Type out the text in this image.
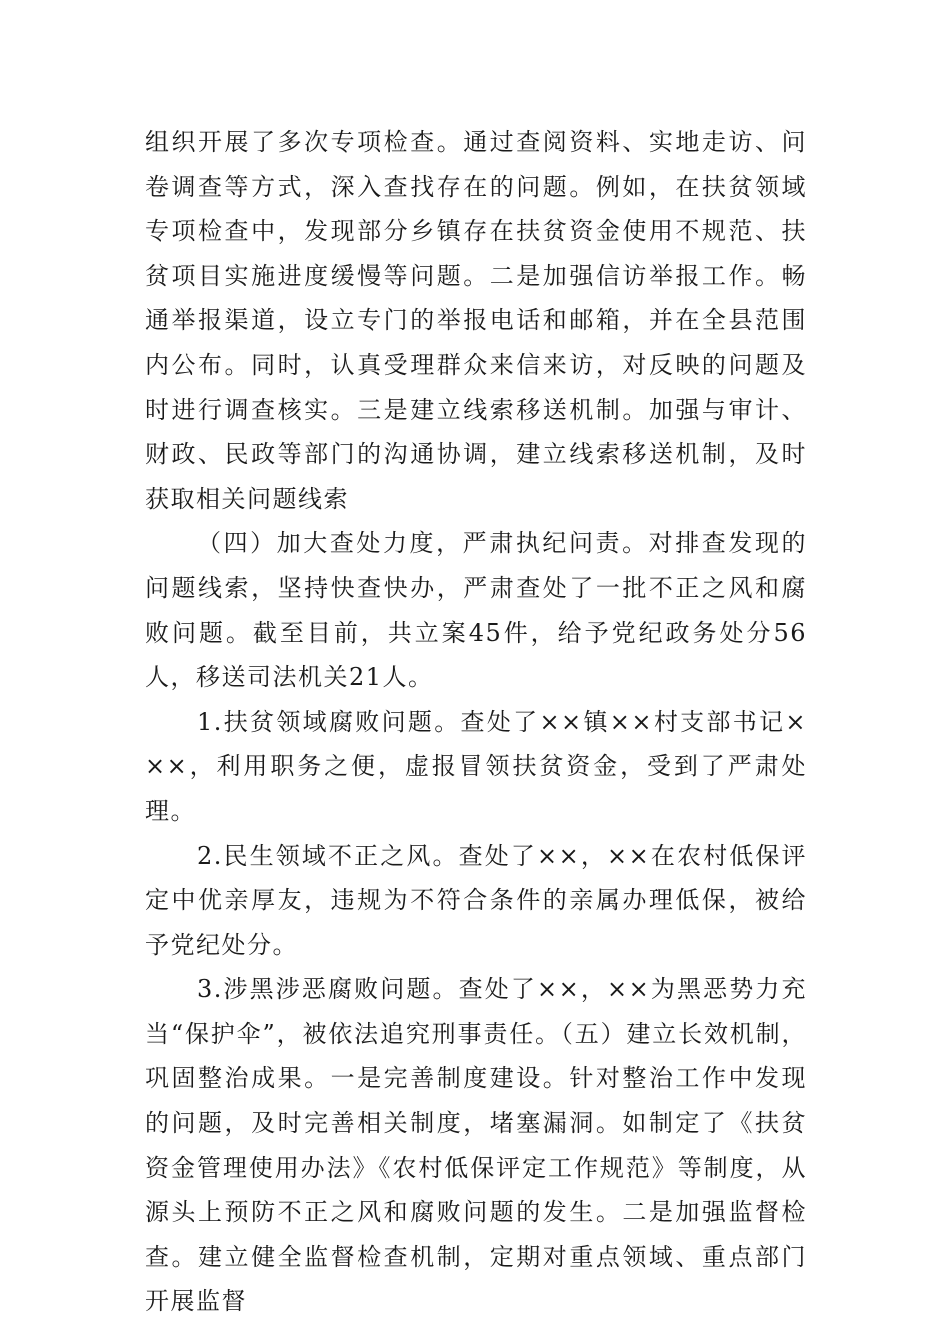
组织开展了多次专项检查。通过查阅资料、实地走访、问卷调查等方式，深入查找存在的问题。例如，在扶贫领域专项检查中，发现部分乡镇存在扶贫资金使用不规范、扶贫项目实施进度缓慢等问题。二是加强信访举报工作。畅通举报渠道，设立专门的举报电话和邮箱，并在全县范围内公布。同时，认真受理群众来信来访，对反映的问题及时进行调查核实。三是建立线索移送机制。加强与审计、财政、民政等部门的沟通协调，建立线索移送机制，及时获取相关问题线索

（四）加大查处力度，严肃执纪问责。对排查发现的问题线索，坚持快查快办，严肃查处了一批不正之风和腐败问题。截至目前，共立案45件，给予党纪政务处分56人，移送司法机关21人。

1.扶贫领域腐败问题。查处了××镇××村支部书记×××，利用职务之便，虚报冒领扶贫资金，受到了严肃处理。

2.民生领域不正之风。查处了××，××在农村低保评定中优亲厚友，违规为不符合条件的亲属办理低保，被给予党纪处分。

3.涉黑涉恶腐败问题。查处了××，××为黑恶势力充当“保护伞”，被依法追究刑事责任。（五）建立长效机制，巩固整治成果。一是完善制度建设。针对整治工作中发现的问题，及时完善相关制度，堵塞漏洞。如制定了《扶贫资金管理使用办法》《农村低保评定工作规范》等制度，从源头上预防不正之风和腐败问题的发生。二是加强监督检查。建立健全监督检查机制，定期对重点领域、重点部门开展监督
